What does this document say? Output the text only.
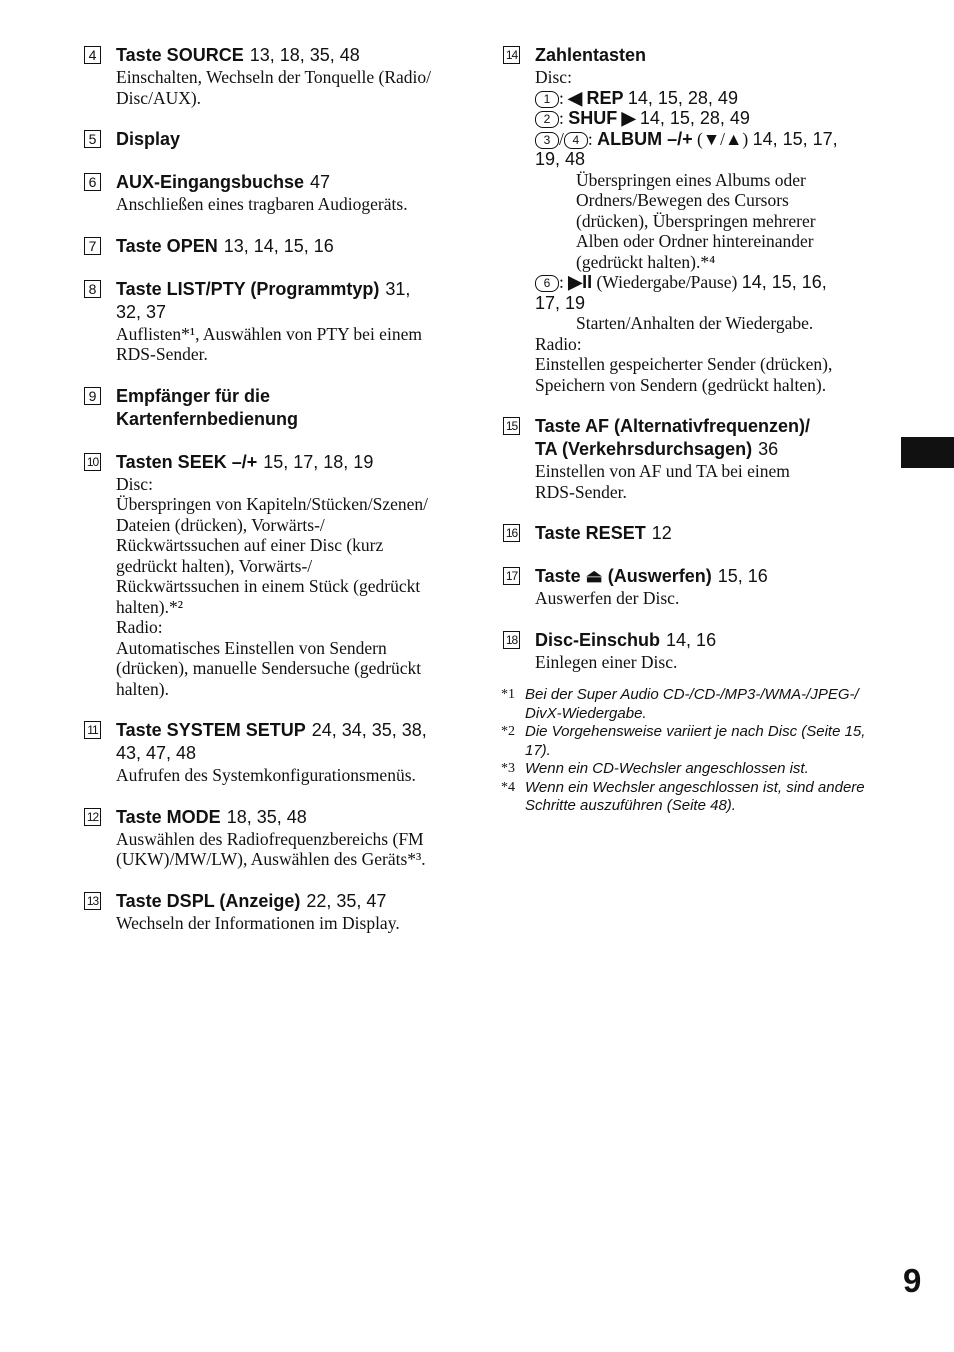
4 Taste SOURCE 13, 18, 35, 48
Einschalten, Wechseln der Tonquelle (Radio/
Disc/AUX).
5 Display
6 AUX-Eingangsbuchse 47
Anschließen eines tragbaren Audiogeräts.
7 Taste OPEN 13, 14, 15, 16
8 Taste LIST/PTY (Programmtyp) 31,
32, 37
Auflisten*¹, Auswählen von PTY bei einem
RDS-Sender.
9 Empfänger für die
Kartenfernbedienung
10 Tasten SEEK –/+ 15, 17, 18, 19
Disc:
Überspringen von Kapiteln/Stücken/Szenen/
Dateien (drücken), Vorwärts-/
Rückwärtssuchen auf einer Disc (kurz
gedrückt halten), Vorwärts-/
Rückwärtssuchen in einem Stück (gedrückt
halten).*²
Radio:
Automatisches Einstellen von Sendern
(drücken), manuelle Sendersuche (gedrückt
halten).
11 Taste SYSTEM SETUP 24, 34, 35, 38,
43, 47, 48
Aufrufen des Systemkonfigurationsmenüs.
12 Taste MODE 18, 35, 48
Auswählen des Radiofrequenzbereichs (FM
(UKW)/MW/LW), Auswählen des Geräts*³.
13 Taste DSPL (Anzeige) 22, 35, 47
Wechseln der Informationen im Display.
14 Zahlentasten
Disc:
1 : ◀ REP 14, 15, 28, 49
2 : SHUF ▶ 14, 15, 28, 49
3 / 4 : ALBUM –/+ (▼/▲) 14, 15, 17,
19, 48
Überspringen eines Albums oder
Ordners/Bewegen des Cursors
(drücken), Überspringen mehrerer
Alben oder Ordner hintereinander
(gedrückt halten).*⁴
6 : ▶II (Wiedergabe/Pause) 14, 15, 16,
17, 19
Starten/Anhalten der Wiedergabe.
Radio:
Einstellen gespeicherter Sender (drücken),
Speichern von Sendern (gedrückt halten).
15 Taste AF (Alternativfrequenzen)/
TA (Verkehrsdurchsagen) 36
Einstellen von AF und TA bei einem
RDS-Sender.
16 Taste RESET 12
17 Taste ⏏ (Auswerfen) 15, 16
Auswerfen der Disc.
18 Disc-Einschub 14, 16
Einlegen einer Disc.
*1 Bei der Super Audio CD-/CD-/MP3-/WMA-/JPEG-/
DivX-Wiedergabe.
*2 Die Vorgehensweise variiert je nach Disc (Seite 15,
17).
*3 Wenn ein CD-Wechsler angeschlossen ist.
*4 Wenn ein Wechsler angeschlossen ist, sind andere
Schritte auszuführen (Seite 48).
9
